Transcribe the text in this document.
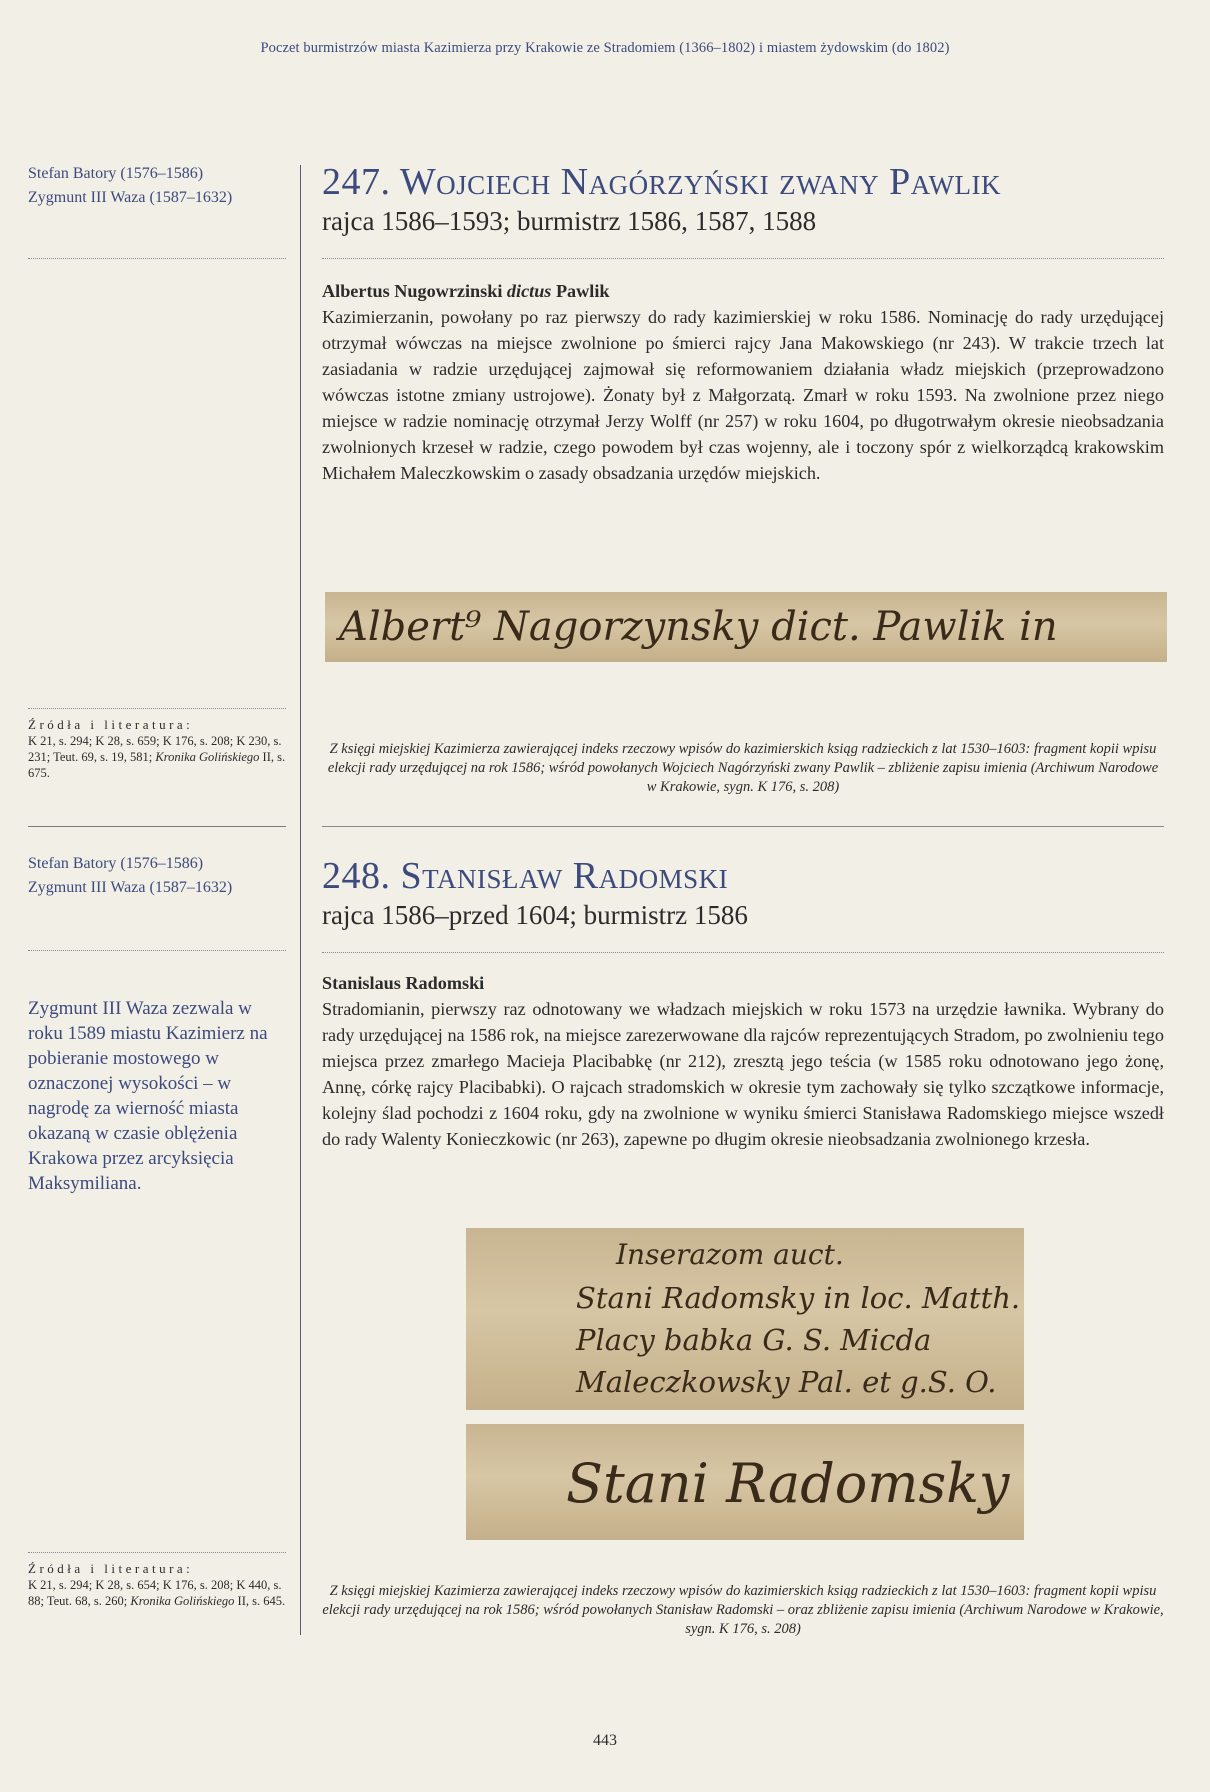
Poczet burmistrzów miasta Kazimierza przy Krakowie ze Stradomiem (1366–1802) i miastem żydowskim (do 1802)
Stefan Batory (1576–1586)
Zygmunt III Waza (1587–1632)
Źródła i literatura:
K 21, s. 294; K 28, s. 659; K 176, s. 208; K 230, s. 231; Teut. 69, s. 19, 581; Kronika Golińskiego II, s. 675.
247. Wojciech Nagórzyński zwany Pawlik
rajca 1586–1593; burmistrz 1586, 1587, 1588
Albertus Nugowrzinski dictus Pawlik
Kazimierzanin, powołany po raz pierwszy do rady kazimierskiej w roku 1586. Nominację do rady urzędującej otrzymał wówczas na miejsce zwolnione po śmierci rajcy Jana Makowskiego (nr 243). W trakcie trzech lat zasiadania w radzie urzędującej zajmował się reformowaniem działania władz miejskich (przeprowadzono wówczas istotne zmiany ustrojowe). Żonaty był z Małgorzatą. Zmarł w roku 1593. Na zwolnione przez niego miejsce w radzie nominację otrzymał Jerzy Wolff (nr 257) w roku 1604, po długotrwałym okresie nieobsadzania zwolnionych krzeseł w radzie, czego powodem był czas wojenny, ale i toczony spór z wielkorządcą krakowskim Michałem Maleczkowskim o zasady obsadzania urzędów miejskich.
Albert⁹ Nagorzynsky dict. Pawlik in
Z księgi miejskiej Kazimierza zawierającej indeks rzeczowy wpisów do kazimierskich ksiąg radzieckich z lat 1530–1603: fragment kopii wpisu elekcji rady urzędującej na rok 1586; wśród powołanych Wojciech Nagórzyński zwany Pawlik – zbliżenie zapisu imienia (Archiwum Narodowe w Krakowie, sygn. K 176, s. 208)
Stefan Batory (1576–1586)
Zygmunt III Waza (1587–1632)
Zygmunt III Waza zezwala w roku 1589 miastu Kazimierz na pobieranie mostowego w oznaczonej wysokości – w nagrodę za wierność miasta okazaną w czasie oblężenia Krakowa przez arcyksięcia Maksymiliana.
Źródła i literatura:
K 21, s. 294; K 28, s. 654; K 176, s. 208; K 440, s. 88; Teut. 68, s. 260; Kronika Golińskiego II, s. 645.
248. Stanisław Radomski
rajca 1586–przed 1604; burmistrz 1586
Stanislaus Radomski
Stradomianin, pierwszy raz odnotowany we władzach miejskich w roku 1573 na urzędzie ławnika. Wybrany do rady urzędującej na 1586 rok, na miejsce zarezerwowane dla rajców reprezentujących Stradom, po zwolnieniu tego miejsca przez zmarłego Macieja Placibabkę (nr 212), zresztą jego teścia (w 1585 roku odnotowano jego żonę, Annę, córkę rajcy Placibabki). O rajcach stradomskich w okresie tym zachowały się tylko szczątkowe informacje, kolejny ślad pochodzi z 1604 roku, gdy na zwolnione w wyniku śmierci Stanisława Radomskiego miejsce wszedł do rady Walenty Konieczkowic (nr 263), zapewne po długim okresie nieobsadzania zwolnionego krzesła.
Inserazom auct.
Stani Radomsky in loc. Matth.
Placy babka G. S. Micda
Maleczkowsky Pal. et g.S. O.
Stani Radomsky
Z księgi miejskiej Kazimierza zawierającej indeks rzeczowy wpisów do kazimierskich ksiąg radzieckich z lat 1530–1603: fragment kopii wpisu elekcji rady urzędującej na rok 1586; wśród powołanych Stanisław Radomski – oraz zbliżenie zapisu imienia (Archiwum Narodowe w Krakowie, sygn. K 176, s. 208)
443
